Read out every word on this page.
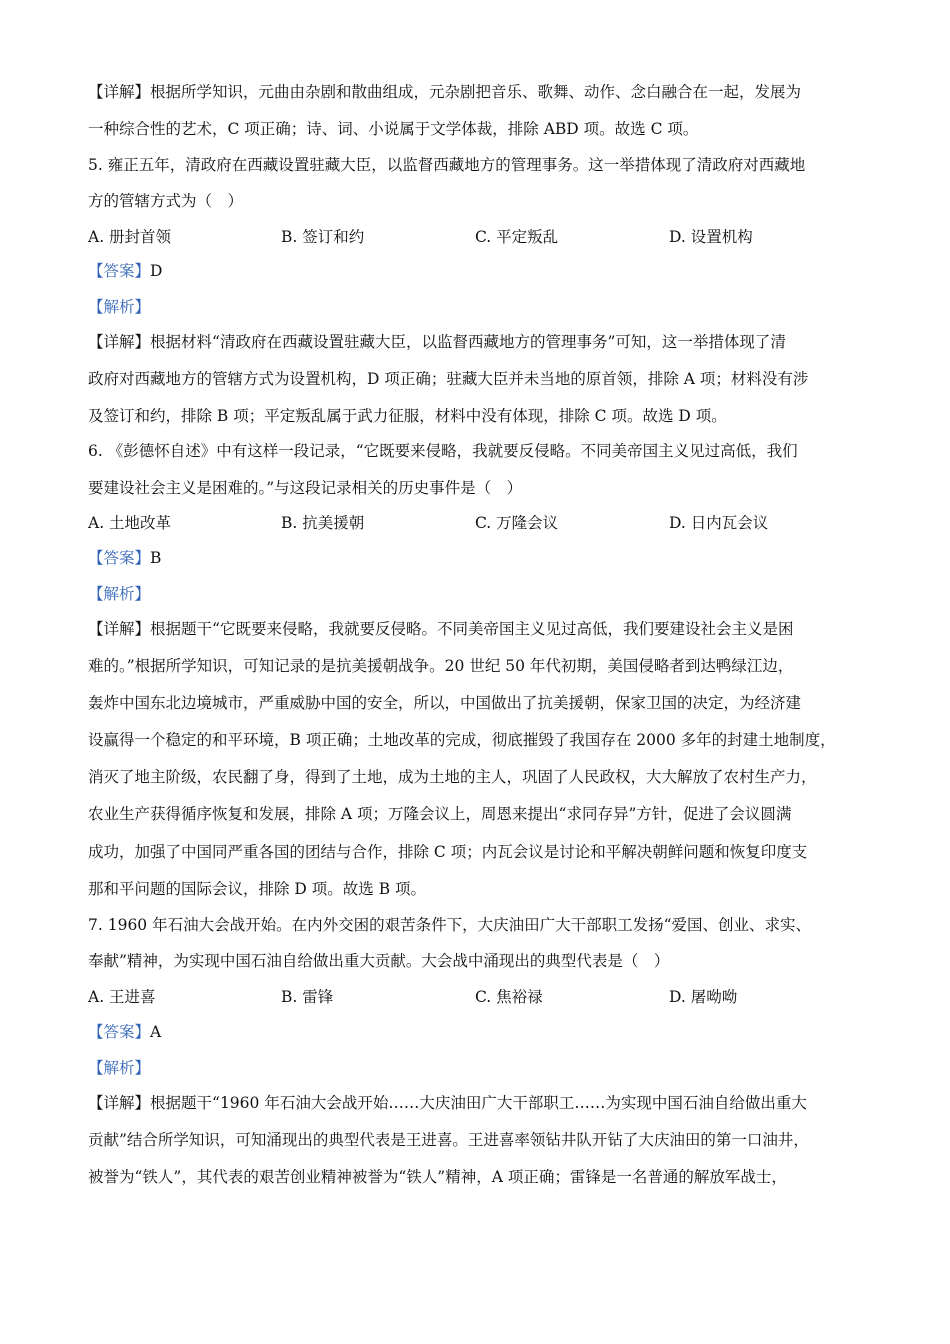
【详解】根据所学知识，元曲由杂剧和散曲组成，元杂剧把音乐、歌舞、动作、念白融合在一起，发展为
一种综合性的艺术，C 项正确；诗、词、小说属于文学体裁，排除 ABD 项。故选 C 项。
5. 雍正五年，清政府在西藏设置驻藏大臣，以监督西藏地方的管理事务。这一举措体现了清政府对西藏地
方的管辖方式为（　）
A. 册封首领	B. 签订和约	C. 平定叛乱	D. 设置机构
【答案】D
【解析】
【详解】根据材料“清政府在西藏设置驻藏大臣，以监督西藏地方的管理事务”可知，这一举措体现了清
政府对西藏地方的管辖方式为设置机构，D 项正确；驻藏大臣并未当地的原首领，排除 A 项；材料没有涉
及签订和约，排除 B 项；平定叛乱属于武力征服，材料中没有体现，排除 C 项。故选 D 项。
6. 《彭德怀自述》中有这样一段记录，“它既要来侵略，我就要反侵略。不同美帝国主义见过高低，我们
要建设社会主义是困难的。”与这段记录相关的历史事件是（　）
A. 土地改革	B. 抗美援朝	C. 万隆会议	D. 日内瓦会议
【答案】B
【解析】
【详解】根据题干“它既要来侵略，我就要反侵略。不同美帝国主义见过高低，我们要建设社会主义是困
难的。”根据所学知识，可知记录的是抗美援朝战争。20 世纪 50 年代初期，美国侵略者到达鸭绿江边，
轰炸中国东北边境城市，严重威胁中国的安全，所以，中国做出了抗美援朝，保家卫国的决定，为经济建
设赢得一个稳定的和平环境，B 项正确；土地改革的完成，彻底摧毁了我国存在 2000 多年的封建土地制度，
消灭了地主阶级，农民翻了身，得到了土地，成为土地的主人，巩固了人民政权，大大解放了农村生产力，
农业生产获得循序恢复和发展，排除 A 项；万隆会议上，周恩来提出“求同存异”方针，促进了会议圆满
成功，加强了中国同严重各国的团结与合作，排除 C 项；内瓦会议是讨论和平解决朝鲜问题和恢复印度支
那和平问题的国际会议，排除 D 项。故选 B 项。
7. 1960 年石油大会战开始。在内外交困的艰苦条件下，大庆油田广大干部职工发扬“爱国、创业、求实、
奉献”精神，为实现中国石油自给做出重大贡献。大会战中涌现出的典型代表是（　）
A. 王进喜	B. 雷锋	C. 焦裕禄	D. 屠呦呦
【答案】A
【解析】
【详解】根据题干“1960 年石油大会战开始……大庆油田广大干部职工……为实现中国石油自给做出重大
贡献”结合所学知识，可知涌现出的典型代表是王进喜。王进喜率领钻井队开钻了大庆油田的第一口油井，
被誉为“铁人”，其代表的艰苦创业精神被誉为“铁人”精神，A 项正确；雷锋是一名普通的解放军战士，
